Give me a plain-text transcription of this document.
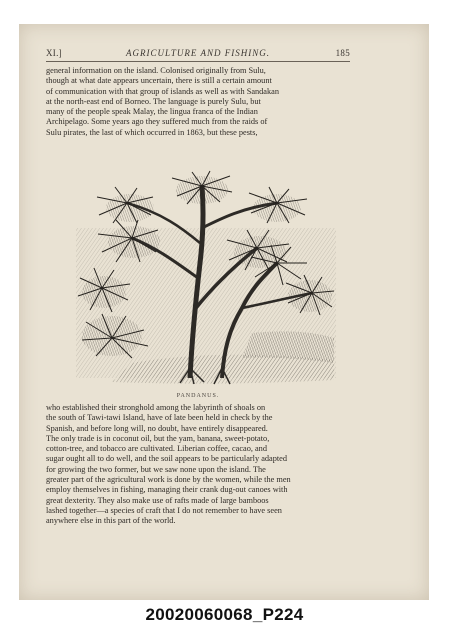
XI.]	AGRICULTURE AND FISHING.	185
general information on the island. Colonised originally from Sulu,
though at what date appears uncertain, there is still a certain amount
of communication with that group of islands as well as with Sandakan
at the north-east end of Borneo. The language is purely Sulu, but
many of the people speak Malay, the lingua franca of the Indian
Archipelago. Some years ago they suffered much from the raids of
Sulu pirates, the last of which occurred in 1863, but these pests,
PANDANUS.
who established their stronghold among the labyrinth of shoals on
the south of Tawi-tawi Island, have of late been held in check by the
Spanish, and before long will, no doubt, have entirely disappeared.
The only trade is in coconut oil, but the yam, banana, sweet-potato,
cotton-tree, and tobacco are cultivated. Liberian coffee, cacao, and
sugar ought all to do well, and the soil appears to be particularly adapted
for growing the two former, but we saw none upon the island. The
greater part of the agricultural work is done by the women, while the men
employ themselves in fishing, managing their crank dug-out canoes with
great dexterity. They also make use of rafts made of large bamboos
lashed together—a species of craft that I do not remember to have seen
anywhere else in this part of the world.
20020060068_P224
